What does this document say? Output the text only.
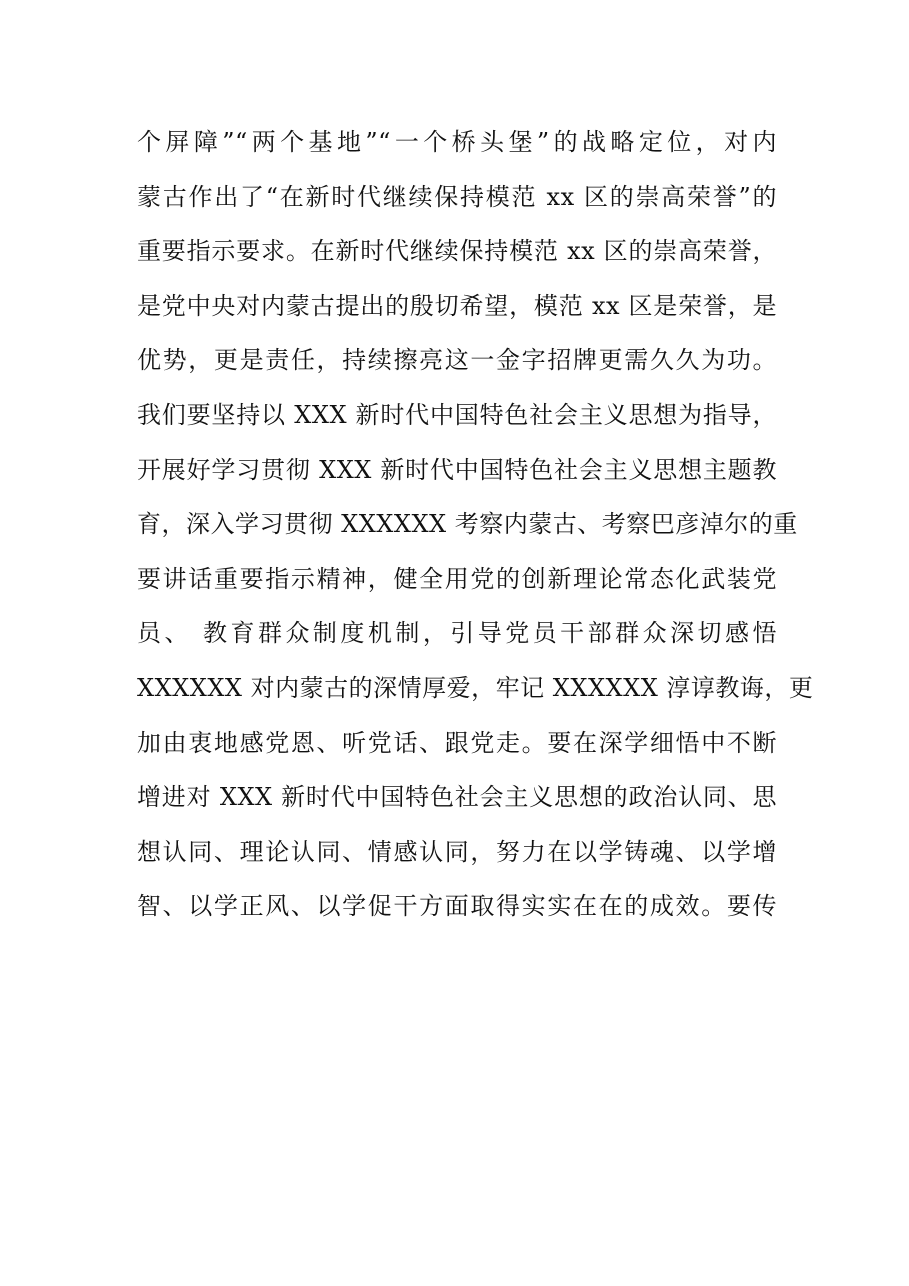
个屏障”“两个基地”“一个桥头堡”的战略定位，对内
蒙古作出了“在新时代继续保持模范 xx 区的崇高荣誉”的
重要指示要求。在新时代继续保持模范 xx 区的崇高荣誉，
是党中央对内蒙古提出的殷切希望，模范 xx 区是荣誉，是
优势，更是责任，持续擦亮这一金字招牌更需久久为功。
我们要坚持以 XXX 新时代中国特色社会主义思想为指导，
开展好学习贯彻 XXX 新时代中国特色社会主义思想主题教
育，深入学习贯彻 XXXXXX 考察内蒙古、考察巴彦淖尔的重
要讲话重要指示精神，健全用党的创新理论常态化武装党
员、 教育群众制度机制，引导党员干部群众深切感悟
XXXXXX 对内蒙古的深情厚爱，牢记 XXXXXX 淳谆教诲，更
加由衷地感党恩、听党话、跟党走。要在深学细悟中不断
增进对 XXX 新时代中国特色社会主义思想的政治认同、思
想认同、理论认同、情感认同，努力在以学铸魂、以学增
智、以学正风、以学促干方面取得实实在在的成效。要传
